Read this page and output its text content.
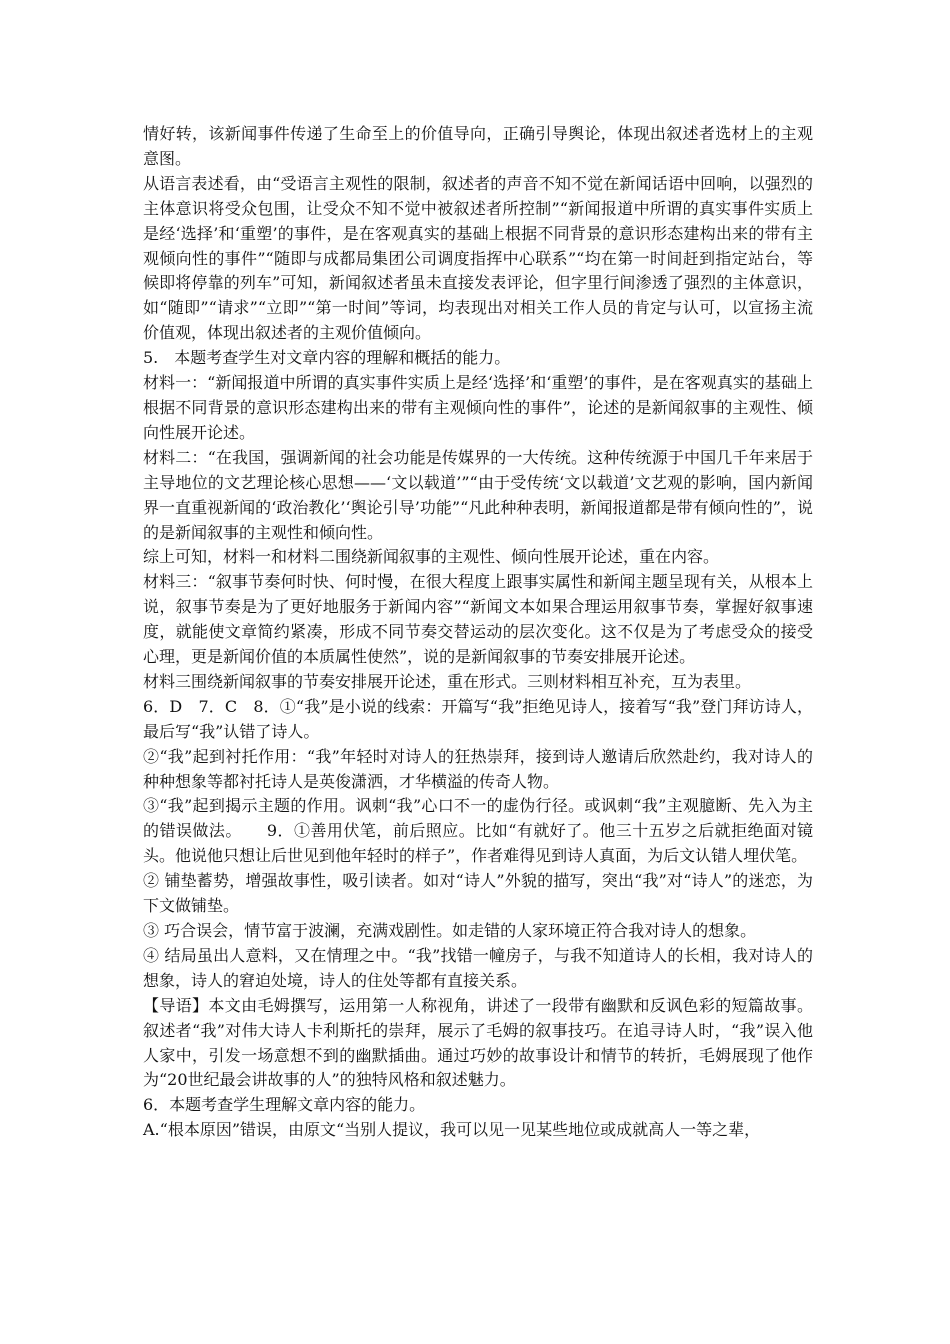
情好转，该新闻事件传递了生命至上的价值导向，正确引导舆论，体现出叙述者选材上的主观意图。

从语言表述看，由“受语言主观性的限制，叙述者的声音不知不觉在新闻话语中回响，以强烈的主体意识将受众包围，让受众不知不觉中被叙述者所控制”“新闻报道中所谓的真实事件实质上是经‘选择’和‘重塑’的事件，是在客观真实的基础上根据不同背景的意识形态建构出来的带有主观倾向性的事件”“随即与成都局集团公司调度指挥中心联系”“均在第一时间赶到指定站台，等候即将停靠的列车”可知，新闻叙述者虽未直接发表评论，但字里行间渗透了强烈的主体意识，如“随即”“请求”“立即”“第一时间”等词，均表现出对相关工作人员的肯定与认可，以宣扬主流价值观，体现出叙述者的主观价值倾向。

5.　本题考查学生对文章内容的理解和概括的能力。

材料一：“新闻报道中所谓的真实事件实质上是经‘选择’和‘重塑’的事件，是在客观真实的基础上根据不同背景的意识形态建构出来的带有主观倾向性的事件”，论述的是新闻叙事的主观性、倾向性展开论述。

材料二：“在我国，强调新闻的社会功能是传媒界的一大传统。这种传统源于中国几千年来居于主导地位的文艺理论核心思想——‘文以载道’”“由于受传统‘文以载道’文艺观的影响，国内新闻界一直重视新闻的‘政治教化’‘舆论引导’功能”“凡此种种表明，新闻报道都是带有倾向性的”，说的是新闻叙事的主观性和倾向性。

综上可知，材料一和材料二围绕新闻叙事的主观性、倾向性展开论述，重在内容。

材料三：“叙事节奏何时快、何时慢，在很大程度上跟事实属性和新闻主题呈现有关，从根本上说，叙事节奏是为了更好地服务于新闻内容”“新闻文本如果合理运用叙事节奏，掌握好叙事速度，就能使文章简约紧凑，形成不同节奏交替运动的层次变化。这不仅是为了考虑受众的接受心理，更是新闻价值的本质属性使然”，说的是新闻叙事的节奏安排展开论述。

材料三围绕新闻叙事的节奏安排展开论述，重在形式。三则材料相互补充，互为表里。

6．D　7．C　8．①“我”是小说的线索：开篇写“我”拒绝见诗人，接着写“我”登门拜访诗人，最后写“我”认错了诗人。

②“我”起到衬托作用：“我”年轻时对诗人的狂热崇拜，接到诗人邀请后欣然赴约，我对诗人的种种想象等都衬托诗人是英俊潇洒，才华横溢的传奇人物。

③“我”起到揭示主题的作用。讽刺“我”心口不一的虚伪行径。或讽刺“我”主观臆断、先入为主的错误做法。　　9．①善用伏笔，前后照应。比如“有就好了。他三十五岁之后就拒绝面对镜头。他说他只想让后世见到他年轻时的样子”，作者难得见到诗人真面，为后文认错人埋伏笔。

② 铺垫蓄势，增强故事性，吸引读者。如对“诗人”外貌的描写，突出“我”对“诗人”的迷恋，为下文做铺垫。

③ 巧合误会，情节富于波澜，充满戏剧性。如走错的人家环境正符合我对诗人的想象。

④ 结局虽出人意料，又在情理之中。“我”找错一幢房子，与我不知道诗人的长相，我对诗人的想象，诗人的窘迫处境，诗人的住处等都有直接关系。

【导语】本文由毛姆撰写，运用第一人称视角，讲述了一段带有幽默和反讽色彩的短篇故事。叙述者“我”对伟大诗人卡利斯托的崇拜，展示了毛姆的叙事技巧。在追寻诗人时，“我”误入他人家中，引发一场意想不到的幽默插曲。通过巧妙的故事设计和情节的转折，毛姆展现了他作为“20世纪最会讲故事的人”的独特风格和叙述魅力。

6．本题考查学生理解文章内容的能力。

A.“根本原因”错误，由原文“当别人提议，我可以见一见某些地位或成就高人一等之辈，
